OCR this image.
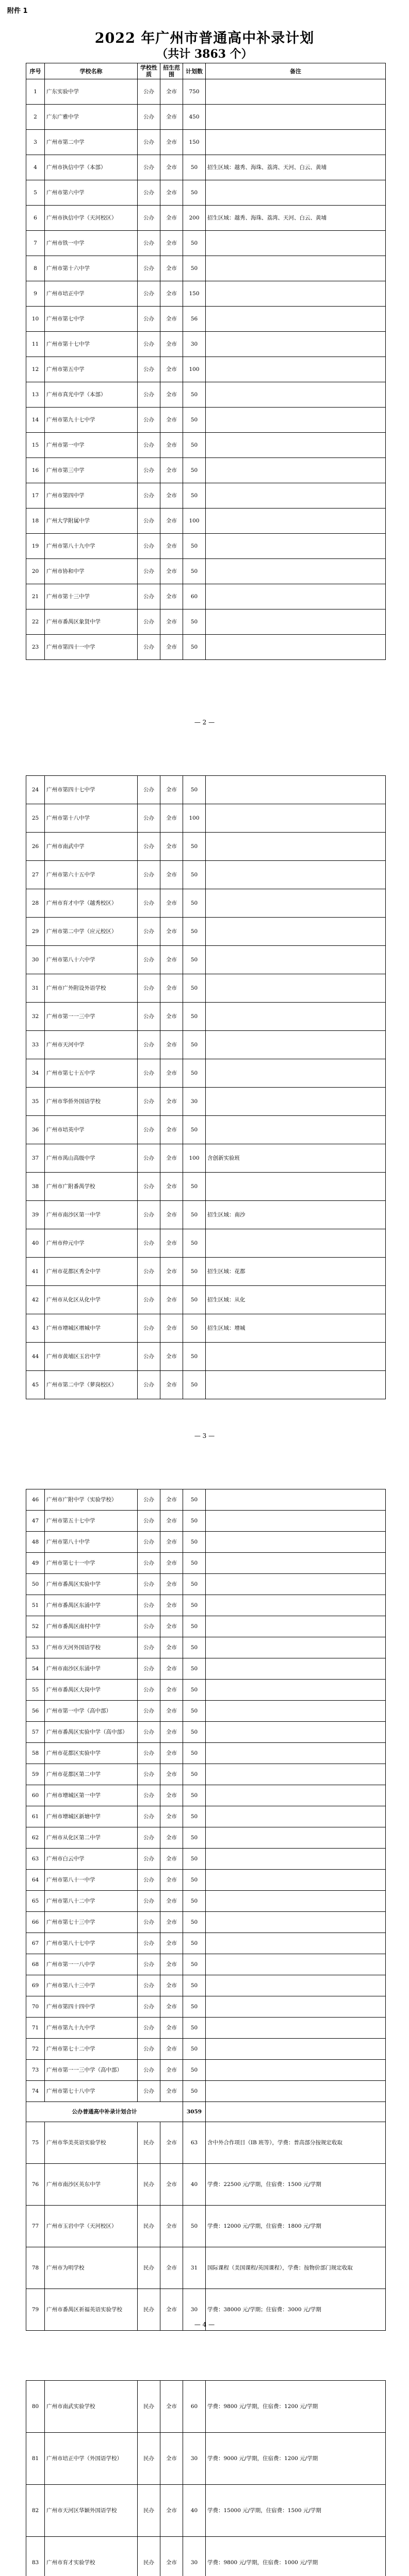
附件 1
2022 年广州市普通高中补录计划
（共计 3863 个）
序号	学校名称	学校性质	招生范围	计划数	备注
1	广东实验中学	公办	全市	750	
2	广东广雅中学	公办	全市	450	
3	广州市第二中学	公办	全市	150	
4	广州市执信中学（本部）	公办	全市	50	招生区域：越秀、海珠、荔湾、天河、白云、黄埔
5	广州市第六中学	公办	全市	50	
6	广州市执信中学（天河校区）	公办	全市	200	招生区域：越秀、海珠、荔湾、天河、白云、黄埔
7	广州市铁一中学	公办	全市	50	
8	广州市第十六中学	公办	全市	50	
9	广州市培正中学	公办	全市	150	
10	广州市第七中学	公办	全市	56	
11	广州市第十七中学	公办	全市	30	
12	广州市第五中学	公办	全市	100	
13	广州市真光中学（本部）	公办	全市	50	
14	广州市第九十七中学	公办	全市	50	
15	广州市第一中学	公办	全市	50	
16	广州市第三中学	公办	全市	50	
17	广州市第四中学	公办	全市	50	
18	广州大学附属中学	公办	全市	100	
19	广州市第八十九中学	公办	全市	50	
20	广州市协和中学	公办	全市	50	
21	广州市第十三中学	公办	全市	60	
22	广州市番禺区象贤中学	公办	全市	50	
23	广州市第四十一中学	公办	全市	50	
— 2 —
24	广州市第四十七中学	公办	全市	50	
25	广州市第十八中学	公办	全市	100	
26	广州市南武中学	公办	全市	50	
27	广州市第六十五中学	公办	全市	50	
28	广州市育才中学（越秀校区）	公办	全市	50	
29	广州市第二中学（应元校区）	公办	全市	50	
30	广州市第八十六中学	公办	全市	50	
31	广州市广外附设外语学校	公办	全市	50	
32	广州市第一一三中学	公办	全市	50	
33	广州市天河中学	公办	全市	50	
34	广州市第七十五中学	公办	全市	50	
35	广州市华侨外国语学校	公办	全市	30	
36	广州市培英中学	公办	全市	50	
37	广州市禺山高级中学	公办	全市	100	含创新实验班
38	广州市广附番禺学校	公办	全市	50	
39	广州市南沙区第一中学	公办	全市	50	招生区域：南沙
40	广州市仲元中学	公办	全市	50	
41	广州市花都区秀全中学	公办	全市	50	招生区域：花都
42	广州市从化区从化中学	公办	全市	50	招生区域：从化
43	广州市增城区增城中学	公办	全市	50	招生区域：增城
44	广州市黄埔区玉岩中学	公办	全市	50	
45	广州市第二中学（萝岗校区）	公办	全市	50	
— 3 —
46	广州市广附中学（实验学校）	公办	全市	50	
47	广州市第五十七中学	公办	全市	50	
48	广州市第八十中学	公办	全市	50	
49	广州市第七十一中学	公办	全市	50	
50	广州市番禺区实验中学	公办	全市	50	
51	广州市番禺区东涌中学	公办	全市	50	
52	广州市番禺区南村中学	公办	全市	50	
53	广州市天河外国语学校	公办	全市	50	
54	广州市南沙区东涌中学	公办	全市	50	
55	广州市番禺区大岗中学	公办	全市	50	
56	广州市第一中学（高中部）	公办	全市	50	
57	广州市番禺区实验中学（高中部）	公办	全市	50	
58	广州市花都区实验中学	公办	全市	50	
59	广州市花都区第二中学	公办	全市	50	
60	广州市增城区第一中学	公办	全市	50	
61	广州市增城区新塘中学	公办	全市	50	
62	广州市从化区第二中学	公办	全市	50	
63	广州市白云中学	公办	全市	50	
64	广州市第八十一中学	公办	全市	50	
65	广州市第八十二中学	公办	全市	50	
66	广州市第七十三中学	公办	全市	50	
67	广州市第八十七中学	公办	全市	50	
68	广州市第一一八中学	公办	全市	50	
69	广州市第八十三中学	公办	全市	50	
70	广州市第四十四中学	公办	全市	50	
71	广州市第九十九中学	公办	全市	50	
72	广州市第七十二中学	公办	全市	50	
73	广州市第一一三中学（高中部）	公办	全市	50	
74	广州市第七十八中学	公办	全市	50	
公办普通高中补录计划合计				3059	
75	广州市华美英语实验学校	民办	全市	63	含中外合作项目（IB 班等），学费：普高部分按规定收取
76	广州市南沙区英东中学	民办	全市	40	学费：22500 元/学期，住宿费：1500 元/学期
77	广州市玉岩中学（天河校区）	民办	全市	50	学费：12000 元/学期，住宿费：1800 元/学期
78	广州市为明学校	民办	全市	31	国际课程（美国课程/英国课程），学费：按物价部门规定收取
79	广州市番禺区祈福英语实验学校	民办	全市	30	学费：38000 元/学期；住宿费：3000 元/学期
— 4 —
80	广州市南武实验学校	民办	全市	60	学费：9800 元/学期，住宿费：1200 元/学期
81	广州市培正中学（外国语学校）	民办	全市	30	学费：9000 元/学期，住宿费：1200 元/学期
82	广州市天河区华颖外国语学校	民办	全市	40	学费：15000 元/学期，住宿费：1500 元/学期
83	广州市育才实验学校	民办	全市	30	学费：9800 元/学期，住宿费：1000 元/学期
